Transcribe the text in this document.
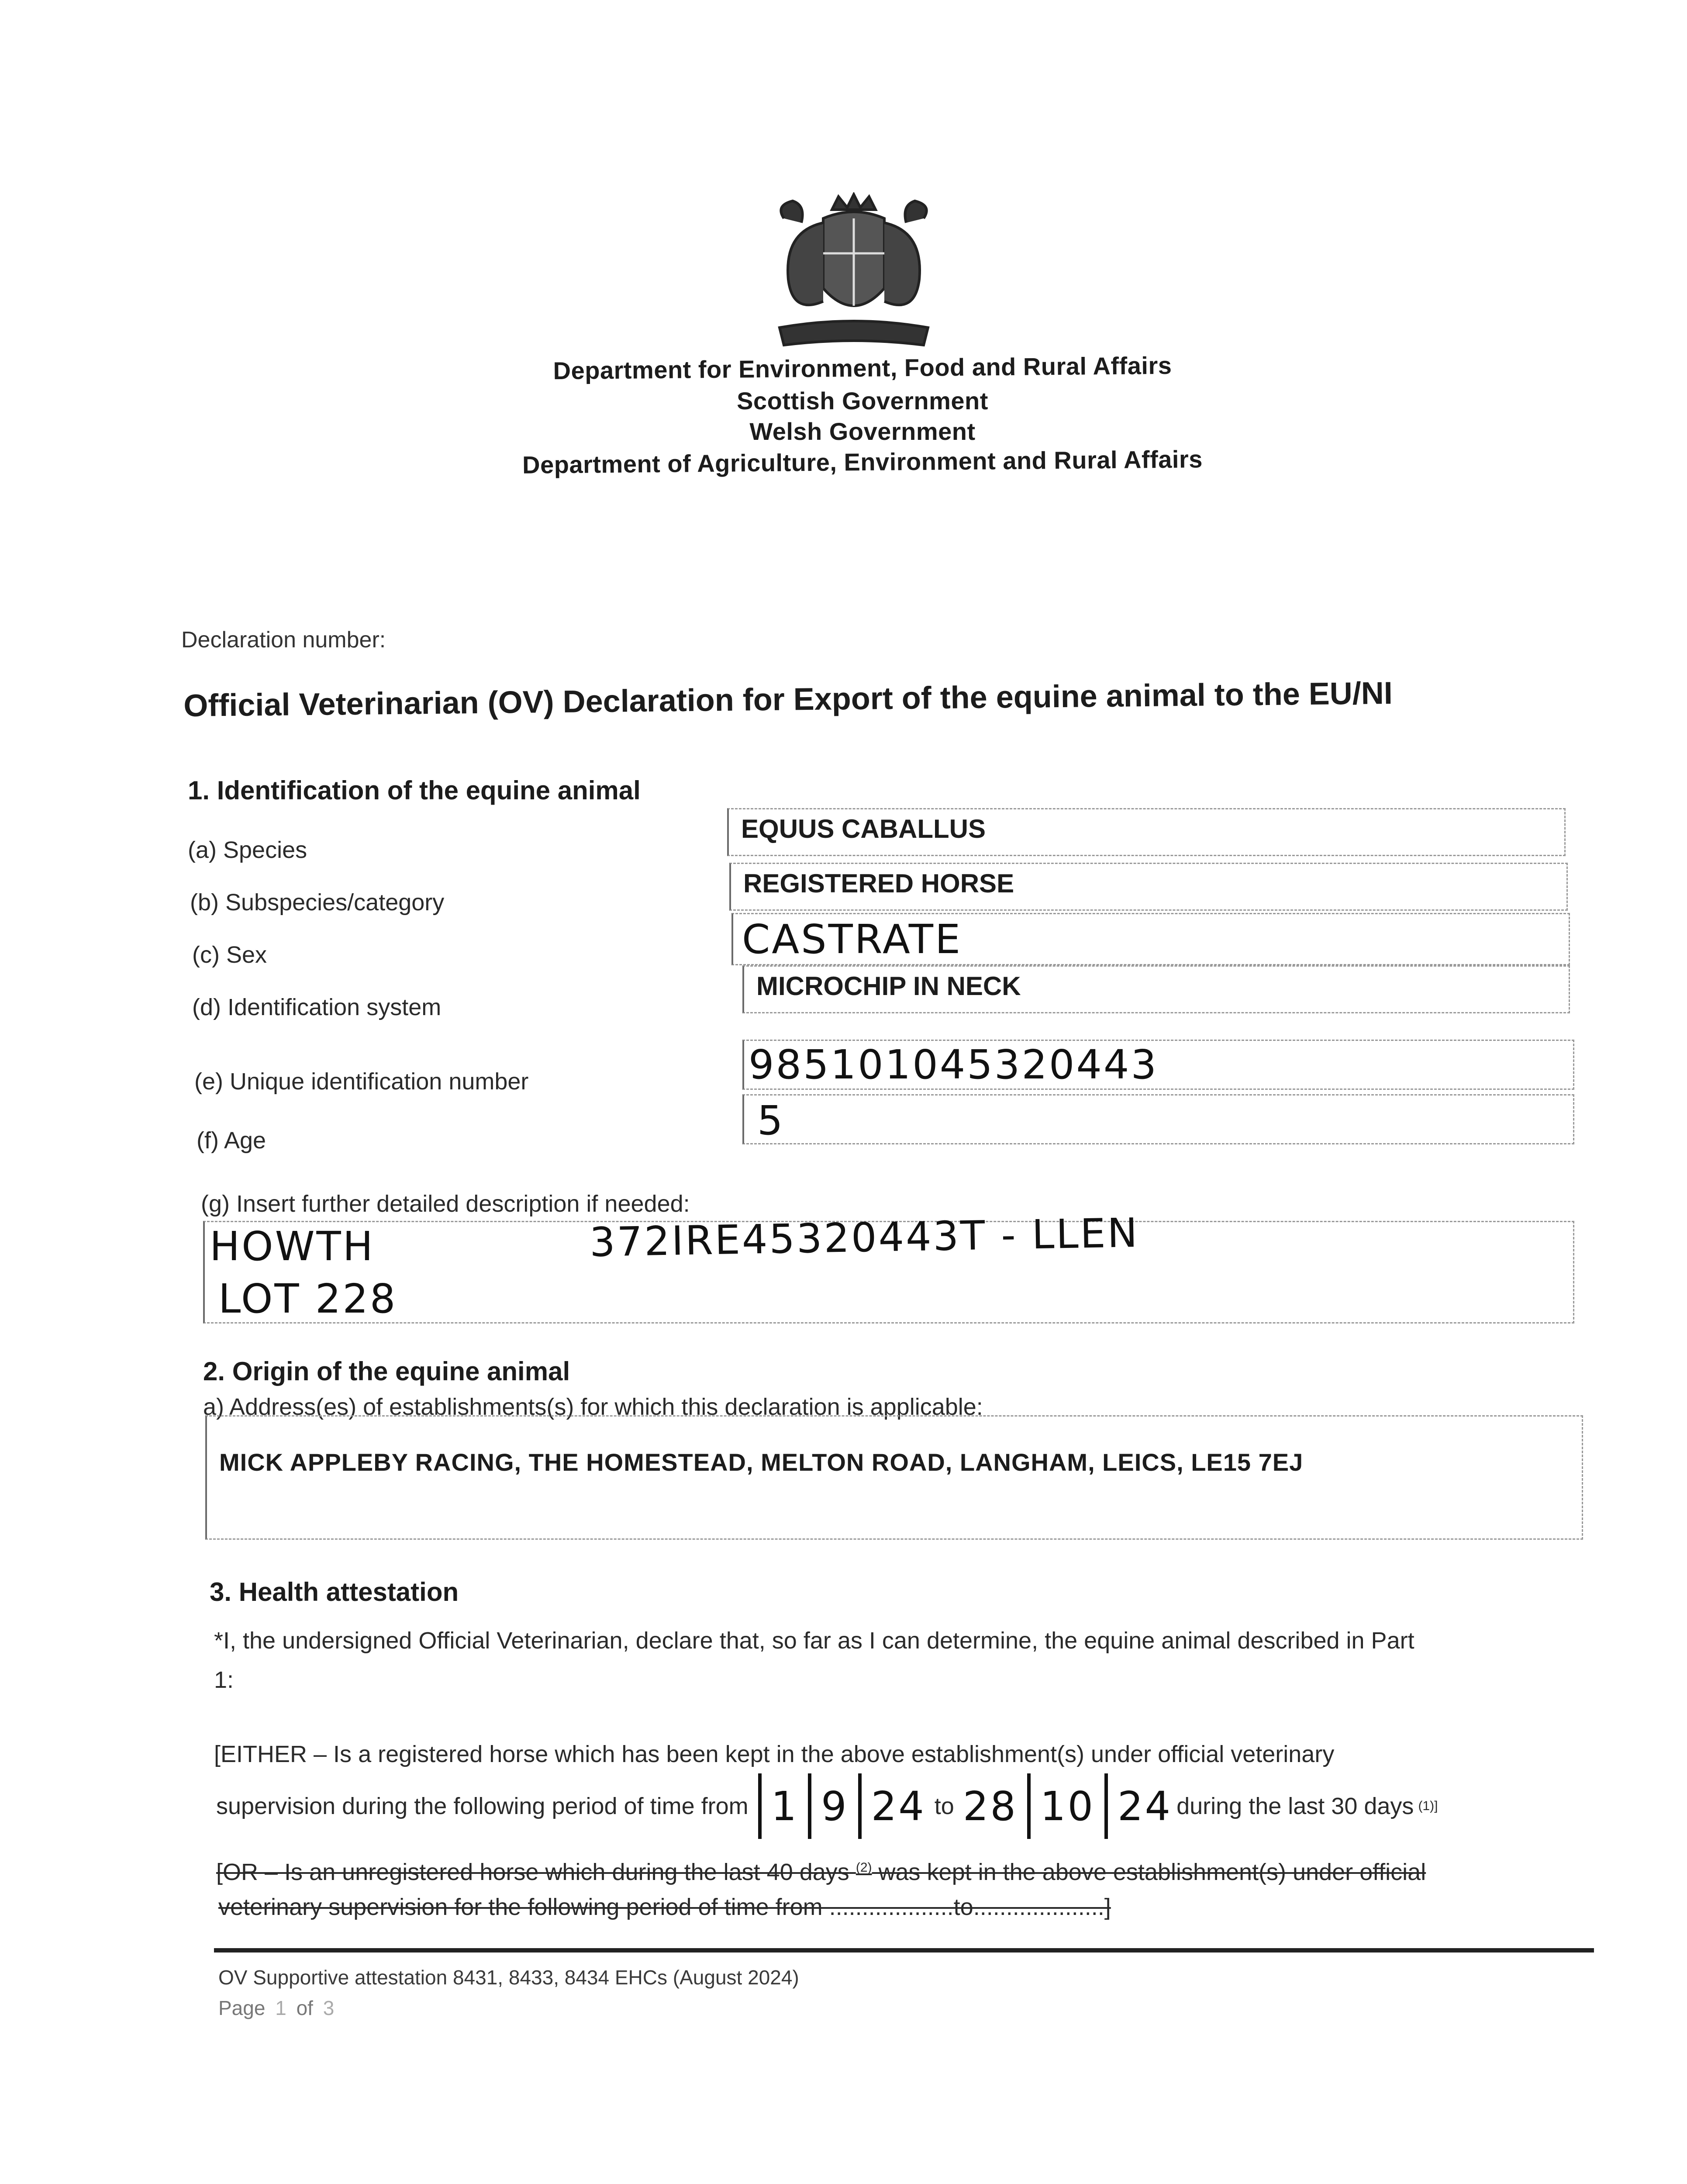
Department for Environment, Food and Rural Affairs
Scottish Government
Welsh Government
Department of Agriculture, Environment and Rural Affairs
Declaration number:
Official Veterinarian (OV) Declaration for Export of the equine animal to the EU/NI
1. Identification of the equine animal
(a) Species
EQUUS CABALLUS
(b) Subspecies/category
REGISTERED HORSE
(c) Sex	CASTRATE
(d) Identification system
MICROCHIP IN NECK
(e) Unique identification number	985101045320443
(f) Age	5
(g) Insert further detailed description if needed:
HOWTH	372IRE45320443T - LLEN
LOT 228
2. Origin of the equine animal
a) Address(es) of establishments(s) for which this declaration is applicable:
MICK APPLEBY RACING, THE HOMESTEAD, MELTON ROAD, LANGHAM, LEICS, LE15 7EJ
3. Health attestation
*I, the undersigned Official Veterinarian, declare that, so far as I can determine, the equine animal described in Part
1:
[EITHER – Is a registered horse which has been kept in the above establishment(s) under official veterinary
supervision during the following period of time from 1 9 24 to 28 10 24 during the last 30 days (1)]
[OR – Is an unregistered horse which during the last 40 days $^{(2)}$ was kept in the above establishment(s) under official
veterinary supervision for the following period of time from ...................to....................]
OV Supportive attestation 8431, 8433, 8434 EHCs (August 2024)
Page 1 of 3
